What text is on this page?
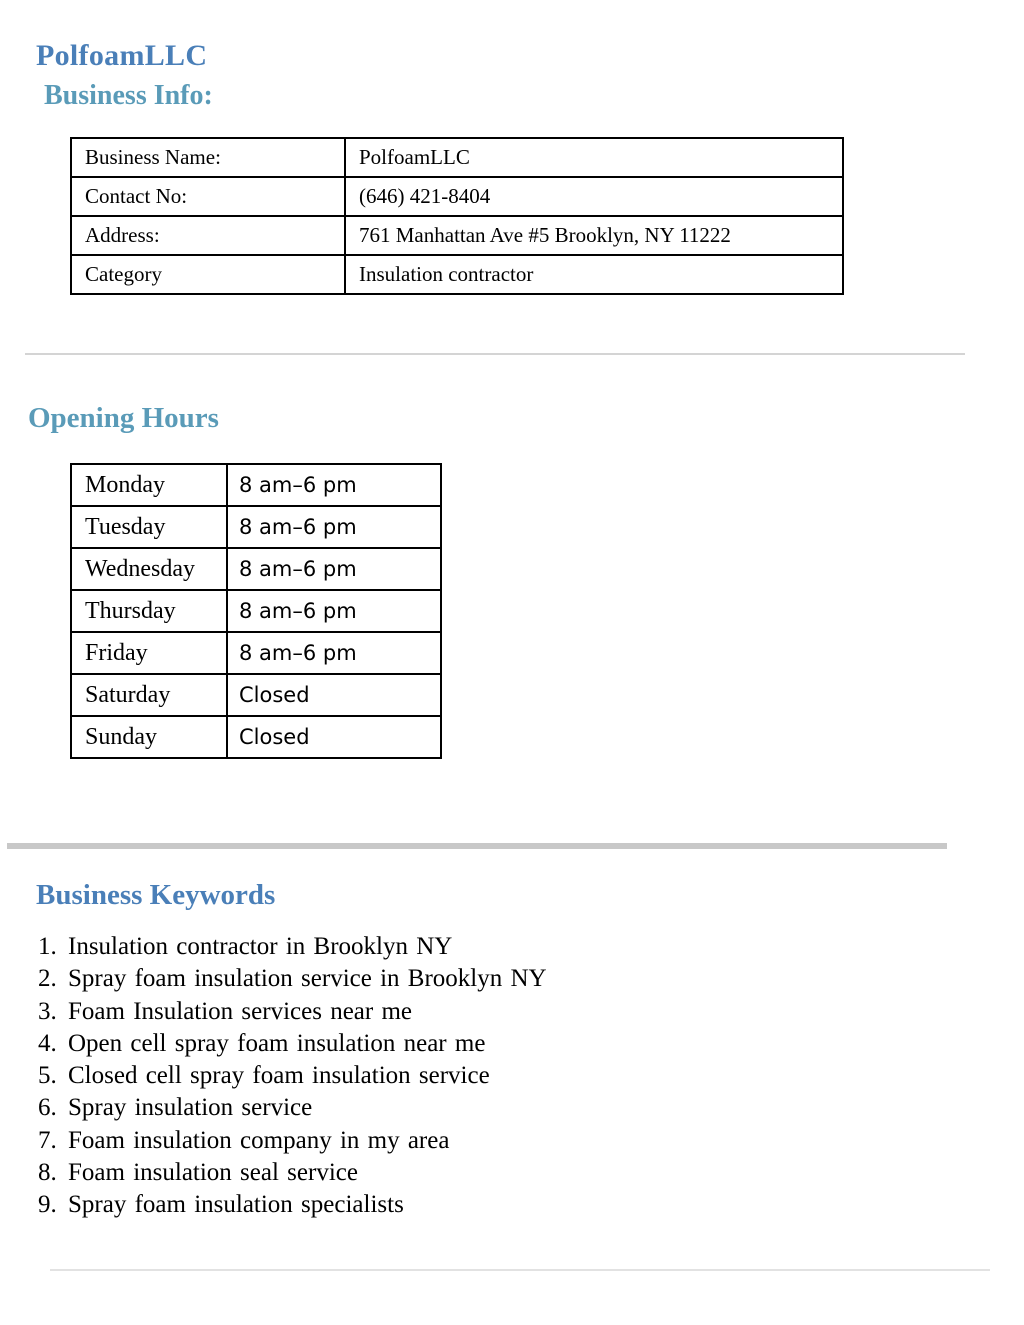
PolfoamLLC
Business Info:
Business Name:	PolfoamLLC
Contact No:	(646) 421-8404
Address:	761 Manhattan Ave #5 Brooklyn, NY 11222
Category	Insulation contractor
Opening Hours
Monday	8 am–6 pm
Tuesday	8 am–6 pm
Wednesday	8 am–6 pm
Thursday	8 am–6 pm
Friday	8 am–6 pm
Saturday	Closed
Sunday	Closed
Business Keywords
1. Insulation contractor in Brooklyn NY
2. Spray foam insulation service in Brooklyn NY
3. Foam Insulation services near me
4. Open cell spray foam insulation near me
5. Closed cell spray foam insulation service
6. Spray insulation service
7. Foam insulation company in my area
8. Foam insulation seal service
9. Spray foam insulation specialists
